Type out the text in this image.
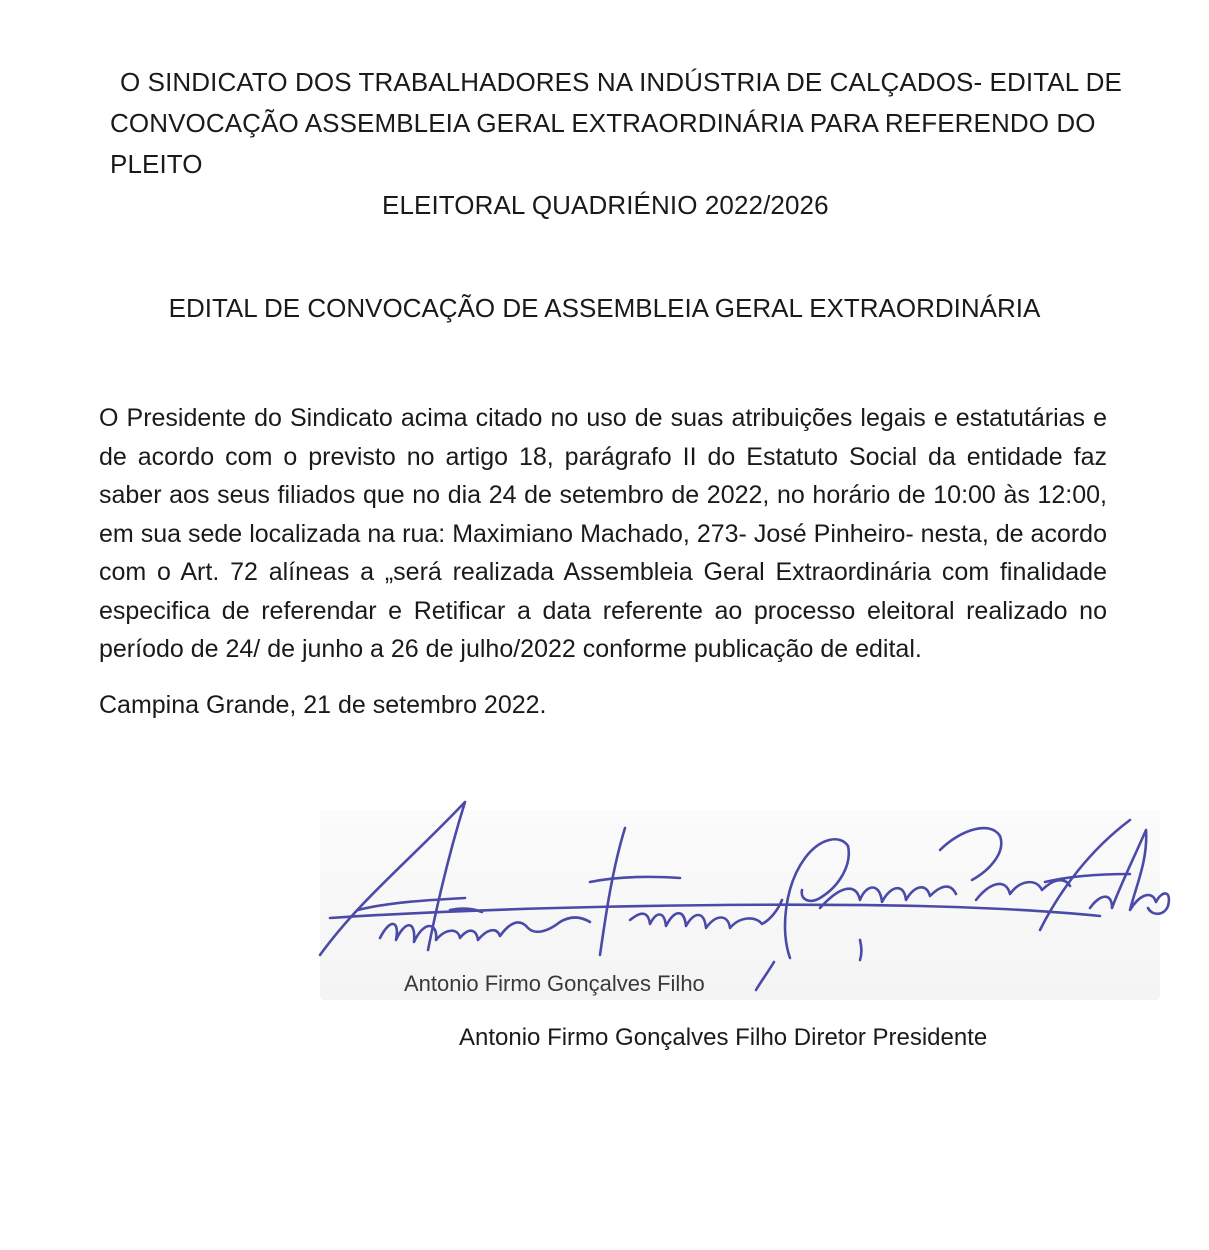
O SINDICATO DOS TRABALHADORES NA INDÚSTRIA DE CALÇADOS- EDITAL DE
CONVOCAÇÃO ASSEMBLEIA GERAL EXTRAORDINÁRIA PARA REFERENDO DO
PLEITO
ELEITORAL QUADRIÉNIO 2022/2026
EDITAL DE CONVOCAÇÃO DE ASSEMBLEIA GERAL EXTRAORDINÁRIA

O Presidente do Sindicato acima citado no uso de suas atribuições legais e estatutárias e de acordo com o previsto no artigo 18, parágrafo II do Estatuto Social da entidade faz saber aos seus filiados que no dia 24 de setembro de 2022, no horário de 10:00 às 12:00, em sua sede localizada na rua: Maximiano Machado, 273- José Pinheiro- nesta, de acordo com o Art. 72 alíneas a „será realizada Assembleia Geral Extraordinária com finalidade especifica de referendar e Retificar a data referente ao processo eleitoral realizado no período de 24/ de junho a 26 de julho/2022 conforme publicação de edital.

Campina Grande, 21 de setembro 2022.
Antonio Firmo Gonçalves Filho
Antonio Firmo Gonçalves Filho Diretor Presidente
